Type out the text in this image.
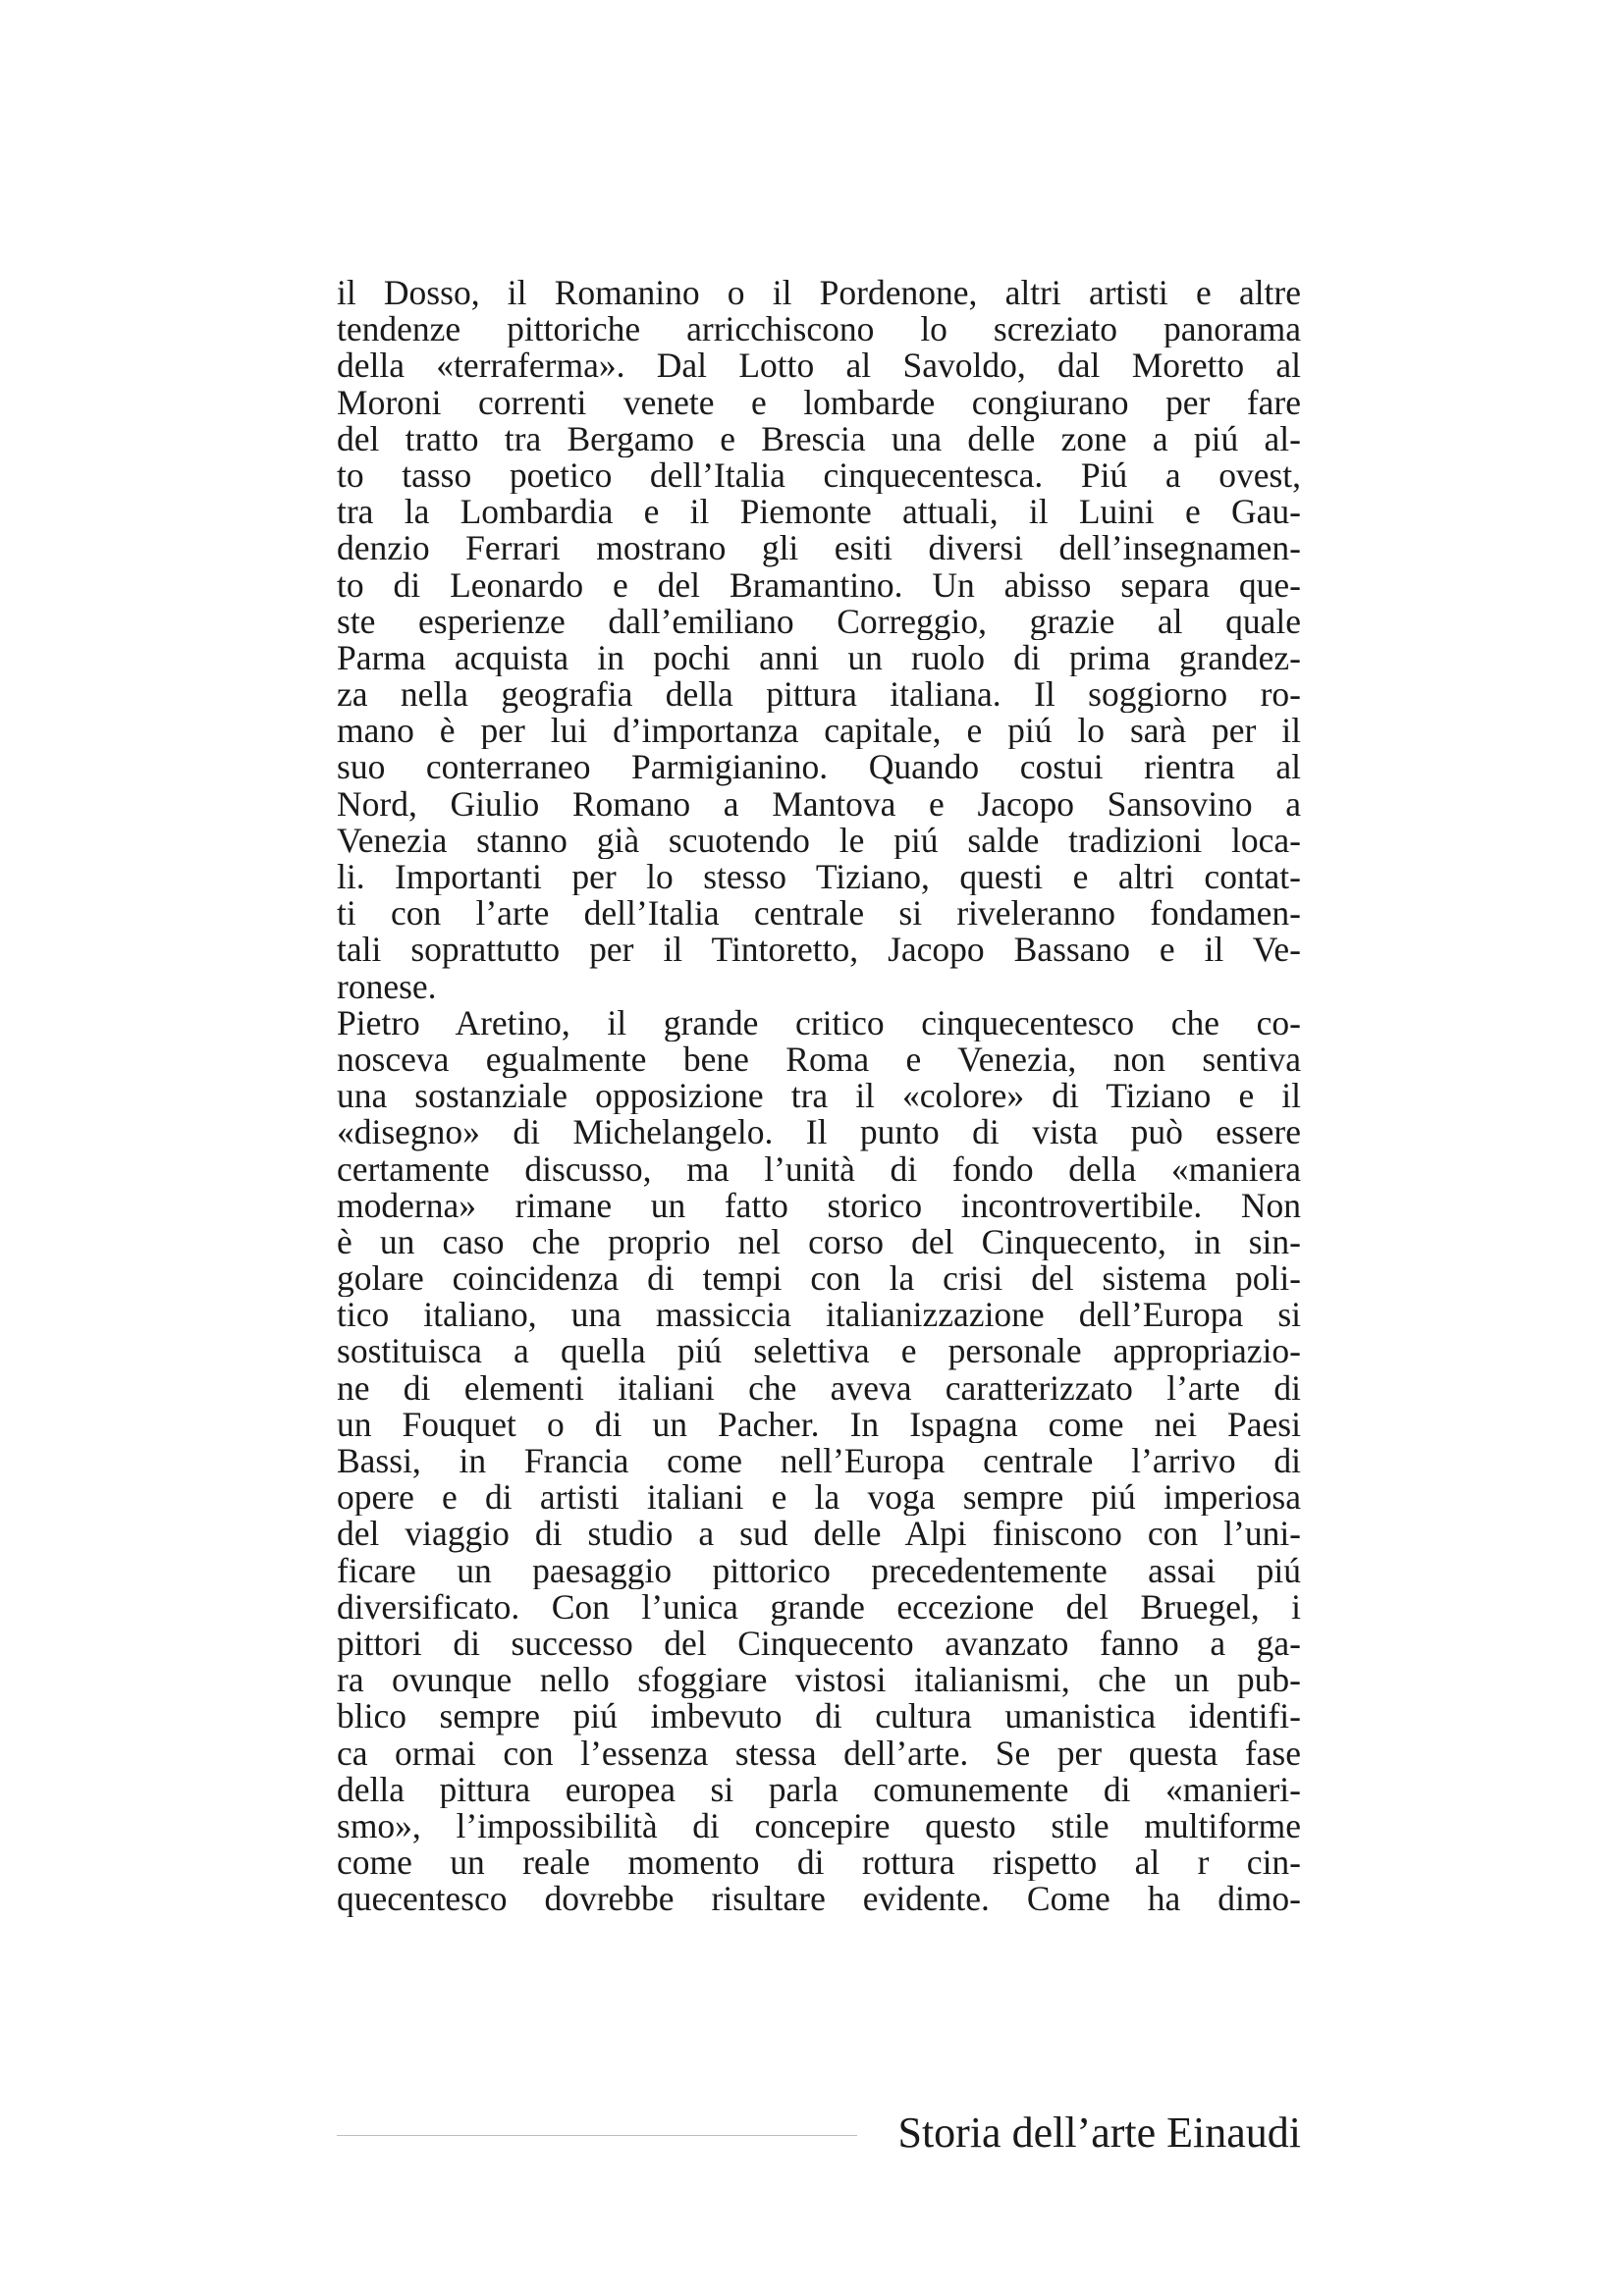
il Dosso, il Romanino o il Pordenone, altri artisti e altre
tendenze pittoriche arricchiscono lo screziato panorama
della «terraferma». Dal Lotto al Savoldo, dal Moretto al
Moroni correnti venete e lombarde congiurano per fare
del tratto tra Bergamo e Brescia una delle zone a piú al-
to tasso poetico dell’Italia cinquecentesca. Piú a ovest,
tra la Lombardia e il Piemonte attuali, il Luini e Gau-
denzio Ferrari mostrano gli esiti diversi dell’insegnamen-
to di Leonardo e del Bramantino. Un abisso separa que-
ste esperienze dall’emiliano Correggio, grazie al quale
Parma acquista in pochi anni un ruolo di prima grandez-
za nella geografia della pittura italiana. Il soggiorno ro-
mano è per lui d’importanza capitale, e piú lo sarà per il
suo conterraneo Parmigianino. Quando costui rientra al
Nord, Giulio Romano a Mantova e Jacopo Sansovino a
Venezia stanno già scuotendo le piú salde tradizioni loca-
li. Importanti per lo stesso Tiziano, questi e altri contat-
ti con l’arte dell’Italia centrale si riveleranno fondamen-
tali soprattutto per il Tintoretto, Jacopo Bassano e il Ve-
ronese.
Pietro Aretino, il grande critico cinquecentesco che co-
nosceva egualmente bene Roma e Venezia, non sentiva
una sostanziale opposizione tra il «colore» di Tiziano e il
«disegno» di Michelangelo. Il punto di vista può essere
certamente discusso, ma l’unità di fondo della «maniera
moderna» rimane un fatto storico incontrovertibile. Non
è un caso che proprio nel corso del Cinquecento, in sin-
golare coincidenza di tempi con la crisi del sistema poli-
tico italiano, una massiccia italianizzazione dell’Europa si
sostituisca a quella piú selettiva e personale appropriazio-
ne di elementi italiani che aveva caratterizzato l’arte di
un Fouquet o di un Pacher. In Ispagna come nei Paesi
Bassi, in Francia come nell’Europa centrale l’arrivo di
opere e di artisti italiani e la voga sempre piú imperiosa
del viaggio di studio a sud delle Alpi finiscono con l’uni-
ficare un paesaggio pittorico precedentemente assai piú
diversificato. Con l’unica grande eccezione del Bruegel, i
pittori di successo del Cinquecento avanzato fanno a ga-
ra ovunque nello sfoggiare vistosi italianismi, che un pub-
blico sempre piú imbevuto di cultura umanistica identifi-
ca ormai con l’essenza stessa dell’arte. Se per questa fase
della pittura europea si parla comunemente di «manieri-
smo», l’impossibilità di concepire questo stile multiforme
come un reale momento di rottura rispetto al r cin-
quecentesco dovrebbe risultare evidente. Come ha dimo-
Storia dell’arte Einaudi
